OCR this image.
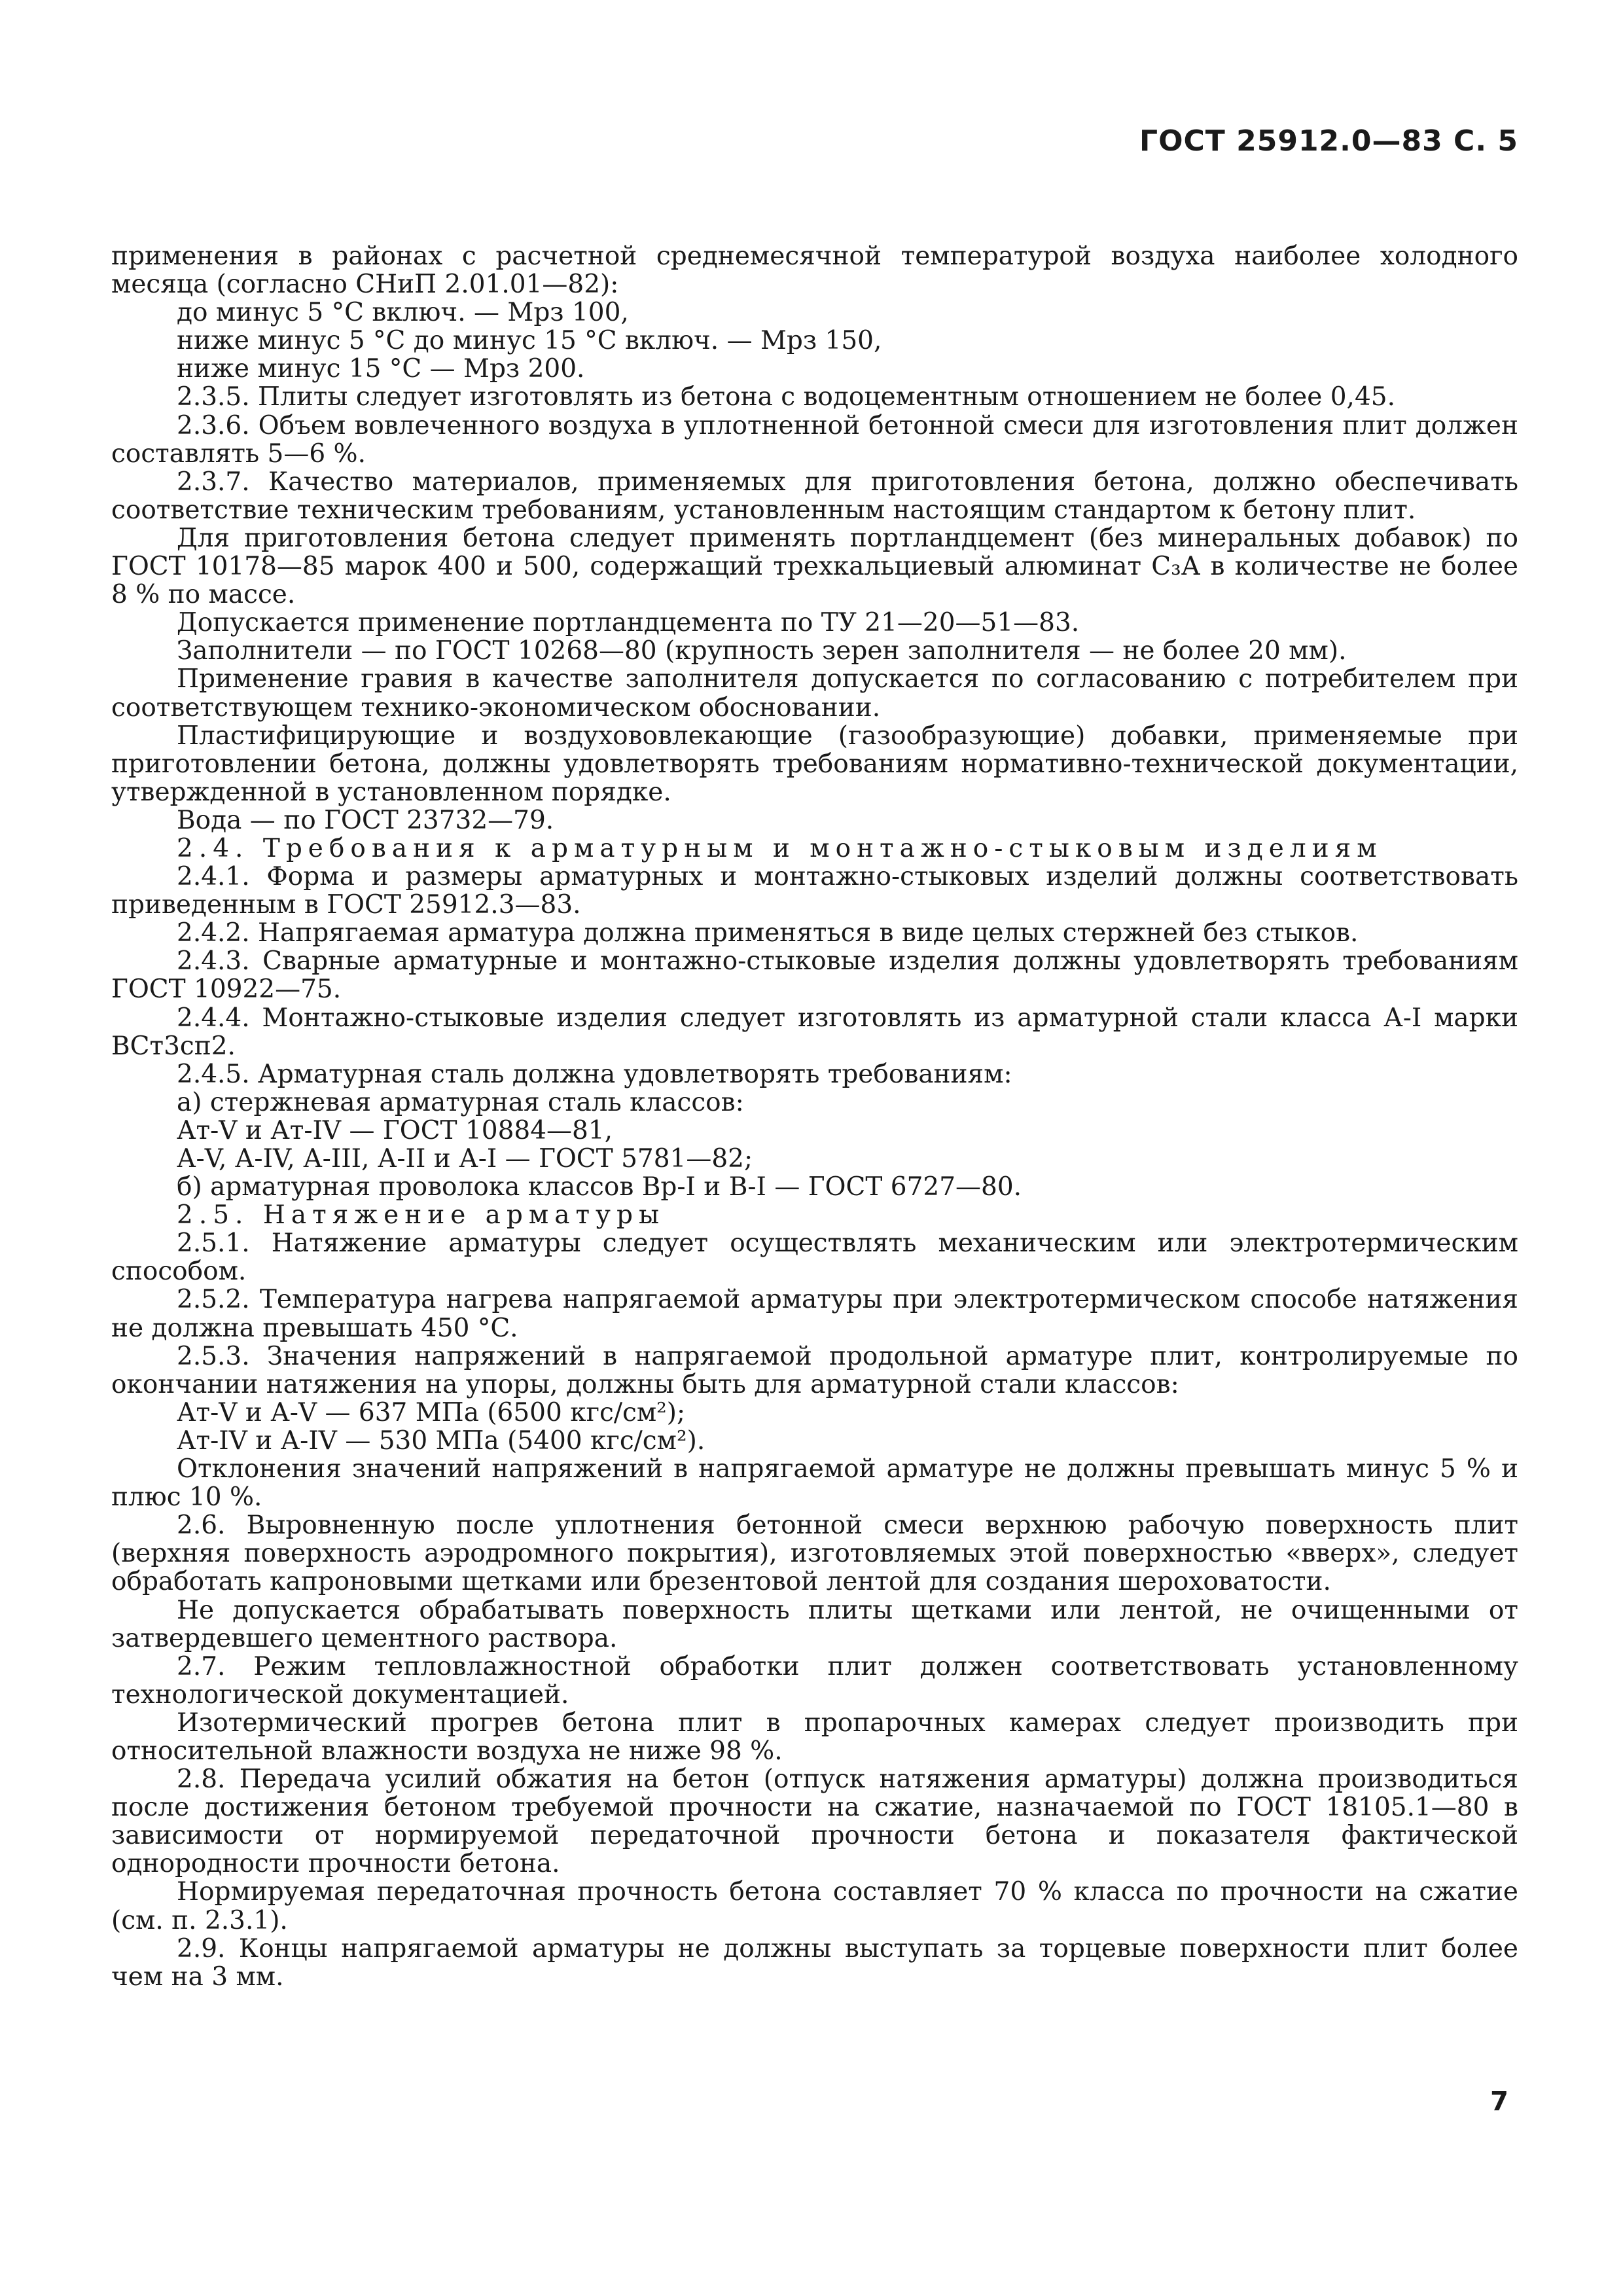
ГОСТ 25912.0—83 С. 5

применения в районах с расчетной среднемесячной температурой воздуха наиболее холодного месяца (согласно СНиП 2.01.01—82):

до минус 5 °С включ. — Мрз 100,

ниже минус 5 °С до минус 15 °С включ. — Мрз 150,

ниже минус 15 °С — Мрз 200.

2.3.5. Плиты следует изготовлять из бетона с водоцементным отношением не более 0,45.

2.3.6. Объем вовлеченного воздуха в уплотненной бетонной смеси для изготовления плит должен составлять 5—6 %.

2.3.7. Качество материалов, применяемых для приготовления бетона, должно обеспечивать соответствие техническим требованиям, установленным настоящим стандартом к бетону плит.

Для приготовления бетона следует применять портландцемент (без минеральных добавок) по ГОСТ 10178—85 марок 400 и 500, содержащий трехкальциевый алюминат С₃А в количестве не более 8 % по массе.

Допускается применение портландцемента по ТУ 21—20—51—83.

Заполнители — по ГОСТ 10268—80 (крупность зерен заполнителя — не более 20 мм).

Применение гравия в качестве заполнителя допускается по согласованию с потребителем при соответствующем технико-экономическом обосновании.

Пластифицирующие и воздухововлекающие (газообразующие) добавки, применяемые при приготовлении бетона, должны удовлетворять требованиям нормативно-технической документации, утвержденной в установленном порядке.

Вода — по ГОСТ 23732—79.

2.4. Требования к арматурным и монтажно-стыковым изделиям

2.4.1. Форма и размеры арматурных и монтажно-стыковых изделий должны соответствовать приведенным в ГОСТ 25912.3—83.

2.4.2. Напрягаемая арматура должна применяться в виде целых стержней без стыков.

2.4.3. Сварные арматурные и монтажно-стыковые изделия должны удовлетворять требованиям ГОСТ 10922—75.

2.4.4. Монтажно-стыковые изделия следует изготовлять из арматурной стали класса А-I марки ВСт3сп2.

2.4.5. Арматурная сталь должна удовлетворять требованиям:

а) стержневая арматурная сталь классов:

Ат-V и Ат-IV — ГОСТ 10884—81,

А-V, А-IV, А-III, А-II и А-I — ГОСТ 5781—82;

б) арматурная проволока классов Вр-I и В-I — ГОСТ 6727—80.

2.5. Натяжение арматуры

2.5.1. Натяжение арматуры следует осуществлять механическим или электротермическим способом.

2.5.2. Температура нагрева напрягаемой арматуры при электротермическом способе натяжения не должна превышать 450 °С.

2.5.3. Значения напряжений в напрягаемой продольной арматуре плит, контролируемые по окончании натяжения на упоры, должны быть для арматурной стали классов:

Ат-V и А-V — 637 МПа (6500 кгс/см²);

Ат-IV и А-IV — 530 МПа (5400 кгс/см²).

Отклонения значений напряжений в напрягаемой арматуре не должны превышать минус 5 % и плюс 10 %.

2.6. Выровненную после уплотнения бетонной смеси верхнюю рабочую поверхность плит (верхняя поверхность аэродромного покрытия), изготовляемых этой поверхностью «вверх», следует обработать капроновыми щетками или брезентовой лентой для создания шероховатости.

Не допускается обрабатывать поверхность плиты щетками или лентой, не очищенными от затвердевшего цементного раствора.

2.7. Режим тепловлажностной обработки плит должен соответствовать установленному технологической документацией.

Изотермический прогрев бетона плит в пропарочных камерах следует производить при относительной влажности воздуха не ниже 98 %.

2.8. Передача усилий обжатия на бетон (отпуск натяжения арматуры) должна производиться после достижения бетоном требуемой прочности на сжатие, назначаемой по ГОСТ 18105.1—80 в зависимости от нормируемой передаточной прочности бетона и показателя фактической однородности прочности бетона.

Нормируемая передаточная прочность бетона составляет 70 % класса по прочности на сжатие (см. п. 2.3.1).

2.9. Концы напрягаемой арматуры не должны выступать за торцевые поверхности плит более чем на 3 мм.

7
